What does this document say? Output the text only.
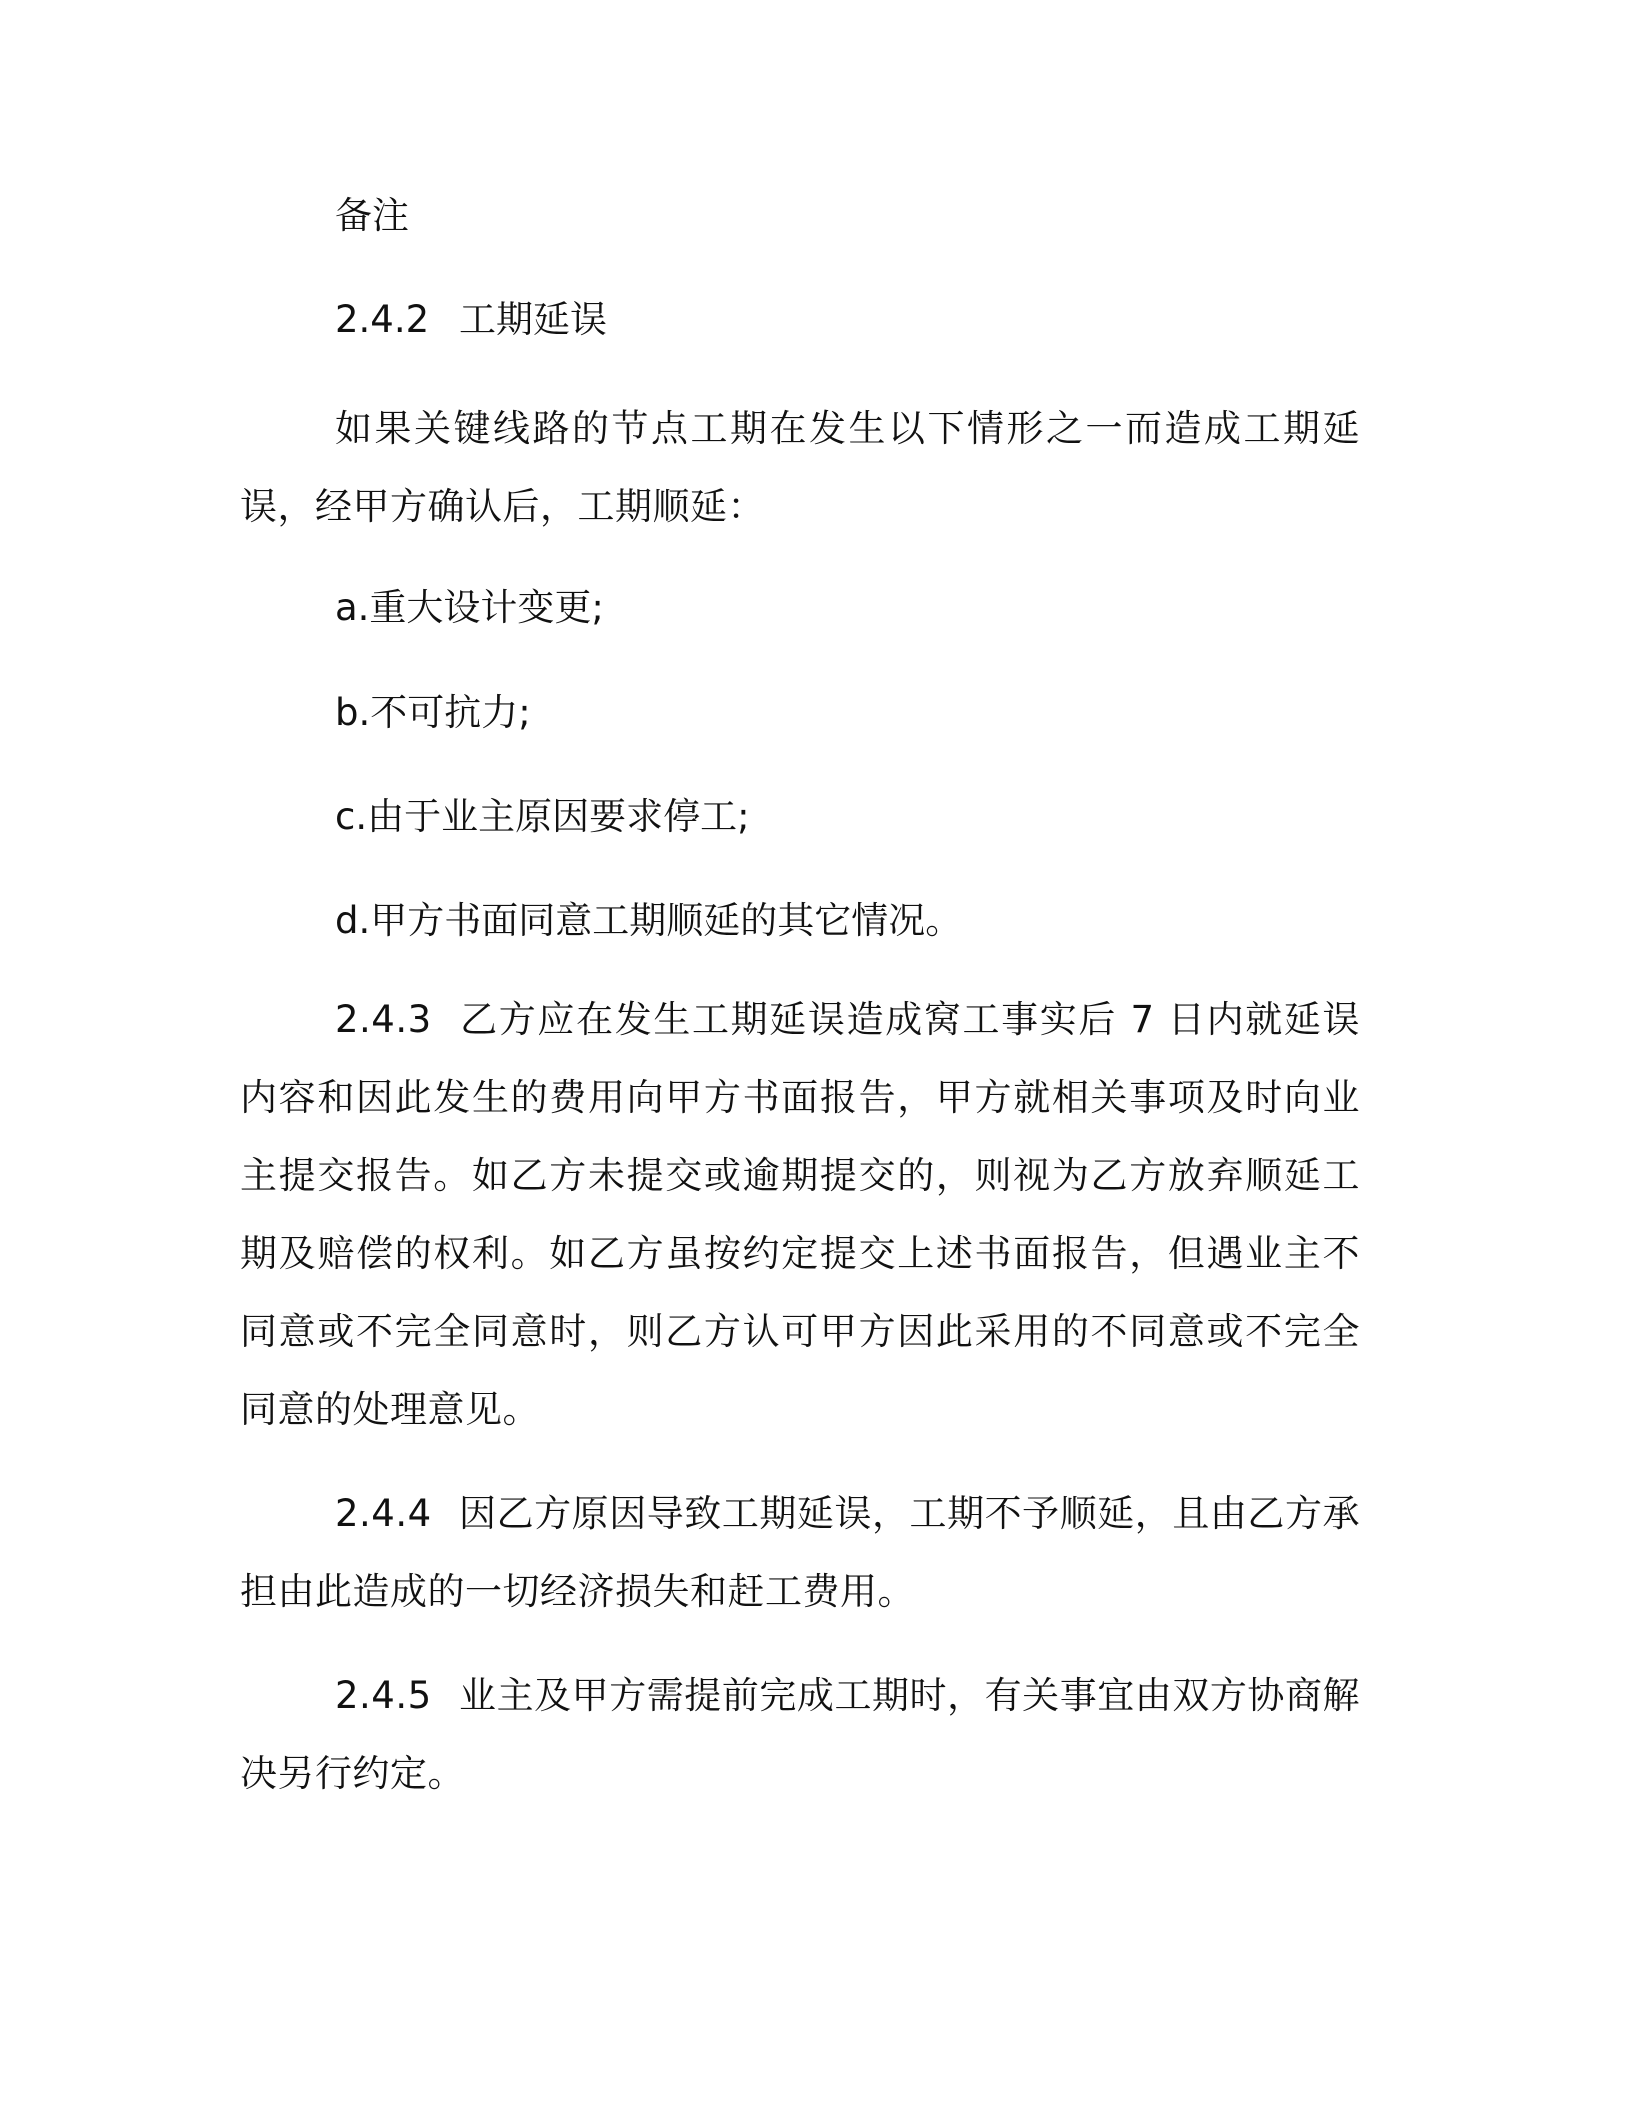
备注

2.4.2 工期延误

如果关键线路的节点工期在发生以下情形之一而造成工期延误，经甲方确认后，工期顺延：

a.重大设计变更;

b.不可抗力;

c.由于业主原因要求停工;

d.甲方书面同意工期顺延的其它情况。

2.4.3 乙方应在发生工期延误造成窝工事实后 7 日内就延误内容和因此发生的费用向甲方书面报告，甲方就相关事项及时向业主提交报告。如乙方未提交或逾期提交的，则视为乙方放弃顺延工期及赔偿的权利。如乙方虽按约定提交上述书面报告，但遇业主不同意或不完全同意时，则乙方认可甲方因此采用的不同意或不完全同意的处理意见。

2.4.4 因乙方原因导致工期延误，工期不予顺延，且由乙方承担由此造成的一切经济损失和赶工费用。

2.4.5 业主及甲方需提前完成工期时，有关事宜由双方协商解决另行约定。
